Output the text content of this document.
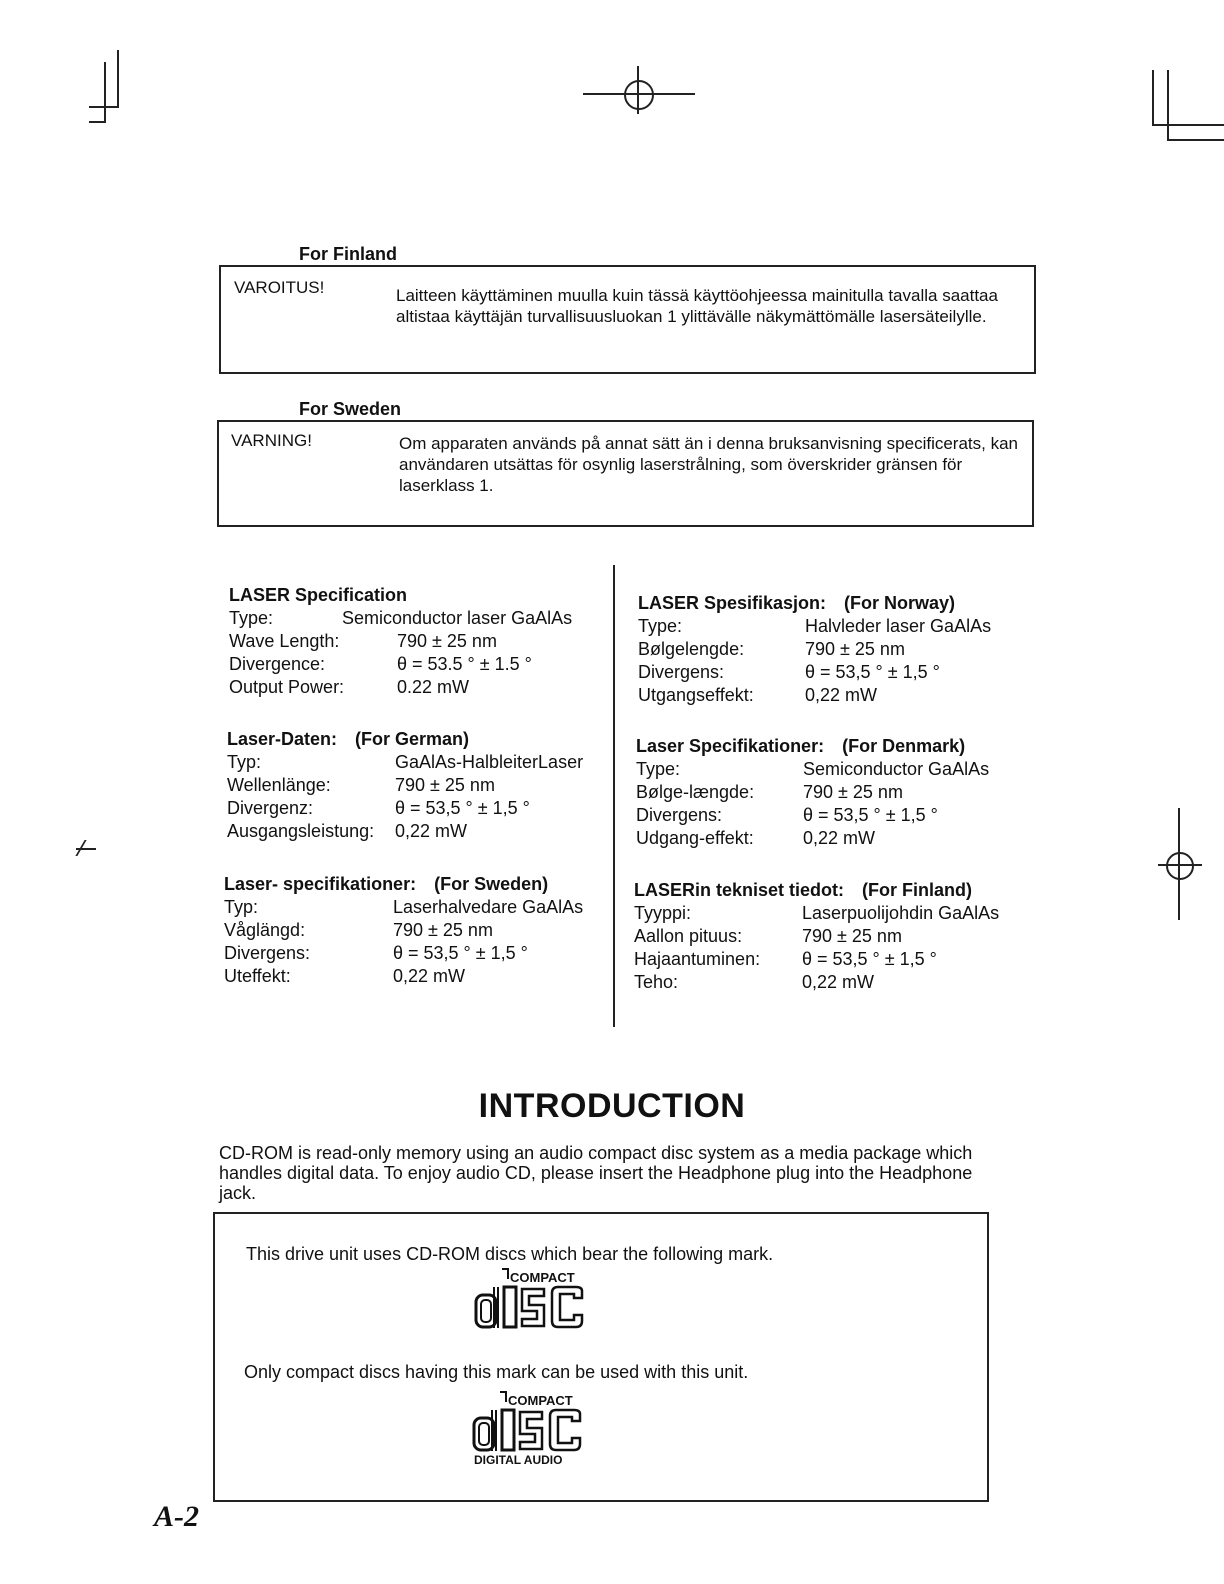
For Finland
VAROITUS!	Laitteen käyttäminen muulla kuin tässä käyttöohjeessa mainitulla tavalla saattaa altistaa käyttäjän turvallisuusluokan 1 ylittävälle näkymättömälle lasersäteilylle.
For Sweden
VARNING!	Om apparaten används på annat sätt än i denna bruksanvisning specificerats, kan användaren utsättas för osynlig laserstrålning, som överskrider gränsen för laserklass 1.
LASER Specification
Type:	Semiconductor laser GaAlAs
Wave Length:	790 ± 25 nm
Divergence:	θ = 53.5 ° ± 1.5 °
Output Power:	0.22 mW
Laser-Daten: (For German)
Typ:	GaAlAs-HalbleiterLaser
Wellenlänge:	790 ± 25 nm
Divergenz:	θ = 53,5 ° ± 1,5 °
Ausgangsleistung: 0,22 mW
Laser- specifikationer: (For Sweden)
Typ:	Laserhalvedare GaAlAs
Våglängd:	790 ± 25 nm
Divergens:	θ = 53,5 ° ± 1,5 °
Uteffekt:	0,22 mW
LASER Spesifikasjon: (For Norway)
Type:	Halvleder laser GaAlAs
Bølgelengde:	790 ± 25 nm
Divergens:	θ = 53,5 ° ± 1,5 °
Utgangseffekt:	0,22 mW
Laser Specifikationer: (For Denmark)
Type:	Semiconductor GaAlAs
Bølge-længde:	790 ± 25 nm
Divergens:	θ = 53,5 ° ± 1,5 °
Udgang-effekt:	0,22 mW
LASERin tekniset tiedot: (For Finland)
Tyyppi:	Laserpuolijohdin GaAlAs
Aallon pituus:	790 ± 25 nm
Hajaantuminen: θ = 53,5 ° ± 1,5 °
Teho:	0,22 mW
INTRODUCTION
CD-ROM is read-only memory using an audio compact disc system as a media package which handles digital data. To enjoy audio CD, please insert the Headphone plug into the Headphone jack.
This drive unit uses CD-ROM discs which bear the following mark.
COMPACT
Only compact discs having this mark can be used with this unit.
COMPACT
DIGITAL AUDIO
A-2
